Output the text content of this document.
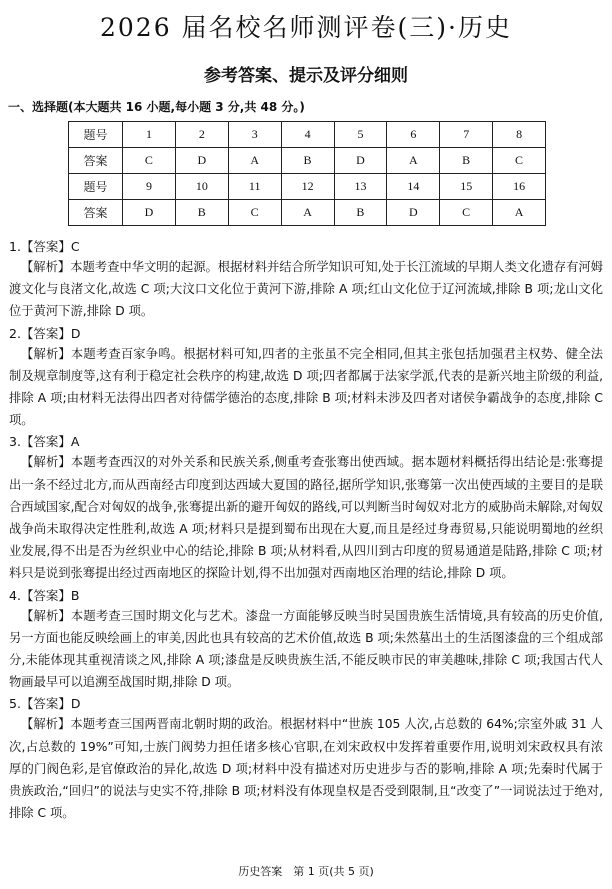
2026 届名校名师测评卷(三)·历史
参考答案、提示及评分细则
一、选择题(本大题共 16 小题,每小题 3 分,共 48 分。)
题号	1	2	3	4	5	6	7	8
答案	C	D	A	B	D	A	B	C
题号	9	10	11	12	13	14	15	16
答案	D	B	C	A	B	D	C	A
1.【答案】C
【解析】本题考查中华文明的起源。根据材料并结合所学知识可知,处于长江流域的早期人类文化遗存有河姆渡文化与良渚文化,故选 C 项;大汶口文化位于黄河下游,排除 A 项;红山文化位于辽河流域,排除 B 项;龙山文化位于黄河下游,排除 D 项。
2.【答案】D
【解析】本题考查百家争鸣。根据材料可知,四者的主张虽不完全相同,但其主张包括加强君主权势、健全法制及规章制度等,这有利于稳定社会秩序的构建,故选 D 项;四者都属于法家学派,代表的是新兴地主阶级的利益,排除 A 项;由材料无法得出四者对待儒学德治的态度,排除 B 项;材料未涉及四者对诸侯争霸战争的态度,排除 C 项。
3.【答案】A
【解析】本题考查西汉的对外关系和民族关系,侧重考查张骞出使西域。据本题材料概括得出结论是:张骞提出一条不经过北方,而从西南经古印度到达西域大夏国的路径,据所学知识,张骞第一次出使西域的主要目的是联合西域国家,配合对匈奴的战争,张骞提出新的避开匈奴的路线,可以判断当时匈奴对北方的威胁尚未解除,对匈奴战争尚未取得决定性胜利,故选 A 项;材料只是提到蜀布出现在大夏,而且是经过身毒贸易,只能说明蜀地的丝织业发展,得不出是否为丝织业中心的结论,排除 B 项;从材料看,从四川到古印度的贸易通道是陆路,排除 C 项;材料只是说到张骞提出经过西南地区的探险计划,得不出加强对西南地区治理的结论,排除 D 项。
4.【答案】B
【解析】本题考查三国时期文化与艺术。漆盘一方面能够反映当时吴国贵族生活情境,具有较高的历史价值,另一方面也能反映绘画上的审美,因此也具有较高的艺术价值,故选 B 项;朱然墓出土的生活图漆盘的三个组成部分,未能体现其重视清谈之风,排除 A 项;漆盘是反映贵族生活,不能反映市民的审美趣味,排除 C 项;我国古代人物画最早可以追溯至战国时期,排除 D 项。
5.【答案】D
【解析】本题考查三国两晋南北朝时期的政治。根据材料中“世族 105 人次,占总数的 64%;宗室外戚 31 人次,占总数的 19%”可知,士族门阀势力担任诸多核心官职,在刘宋政权中发挥着重要作用,说明刘宋政权具有浓厚的门阀色彩,是官僚政治的异化,故选 D 项;材料中没有描述对历史进步与否的影响,排除 A 项;先秦时代属于贵族政治,“回归”的说法与史实不符,排除 B 项;材料没有体现皇权是否受到限制,且“改变了”一词说法过于绝对,排除 C 项。
历史答案　第 1 页(共 5 页)
